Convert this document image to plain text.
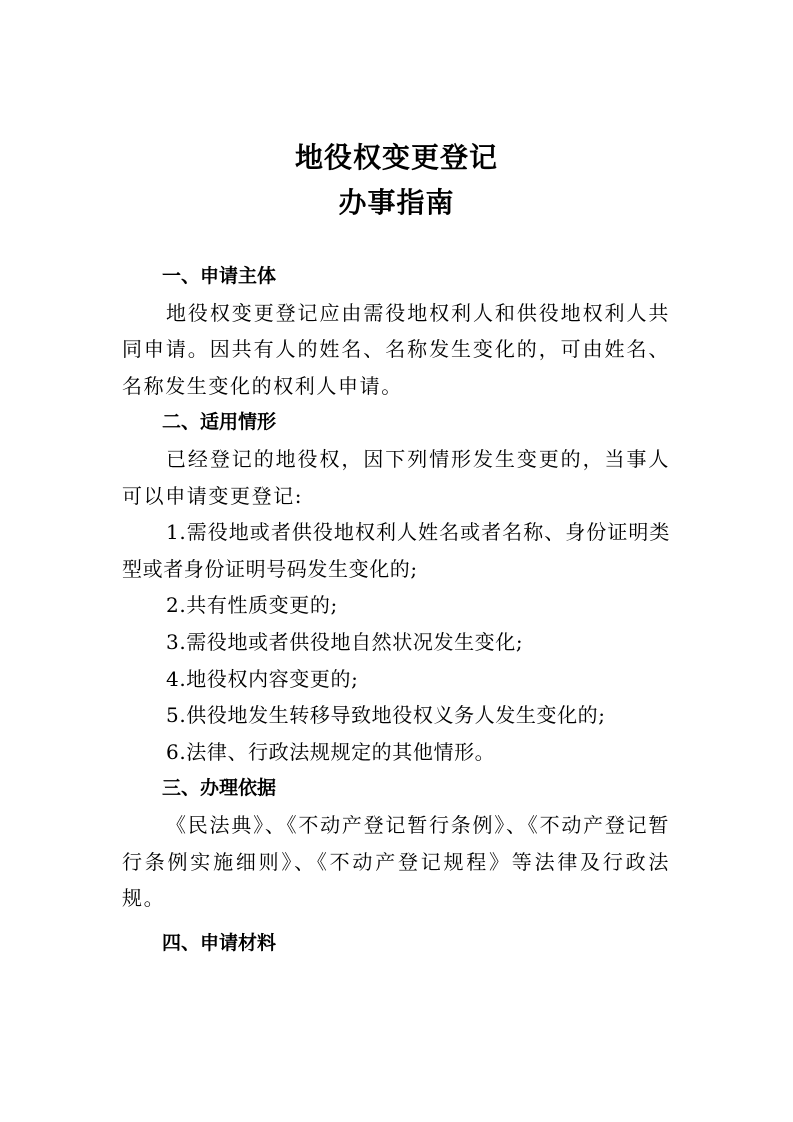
地役权变更登记
办事指南

一、申请主体

地役权变更登记应由需役地权利人和供役地权利人共同申请。因共有人的姓名、名称发生变化的，可由姓名、名称发生变化的权利人申请。

二、适用情形

已经登记的地役权，因下列情形发生变更的，当事人可以申请变更登记:

1.需役地或者供役地权利人姓名或者名称、身份证明类型或者身份证明号码发生变化的;

2.共有性质变更的;

3.需役地或者供役地自然状况发生变化;

4.地役权内容变更的;

5.供役地发生转移导致地役权义务人发生变化的;

6.法律、行政法规规定的其他情形。

三、办理依据

《民法典》、《不动产登记暂行条例》、《不动产登记暂行条例实施细则》、《不动产登记规程》等法律及行政法规。

四、申请材料
